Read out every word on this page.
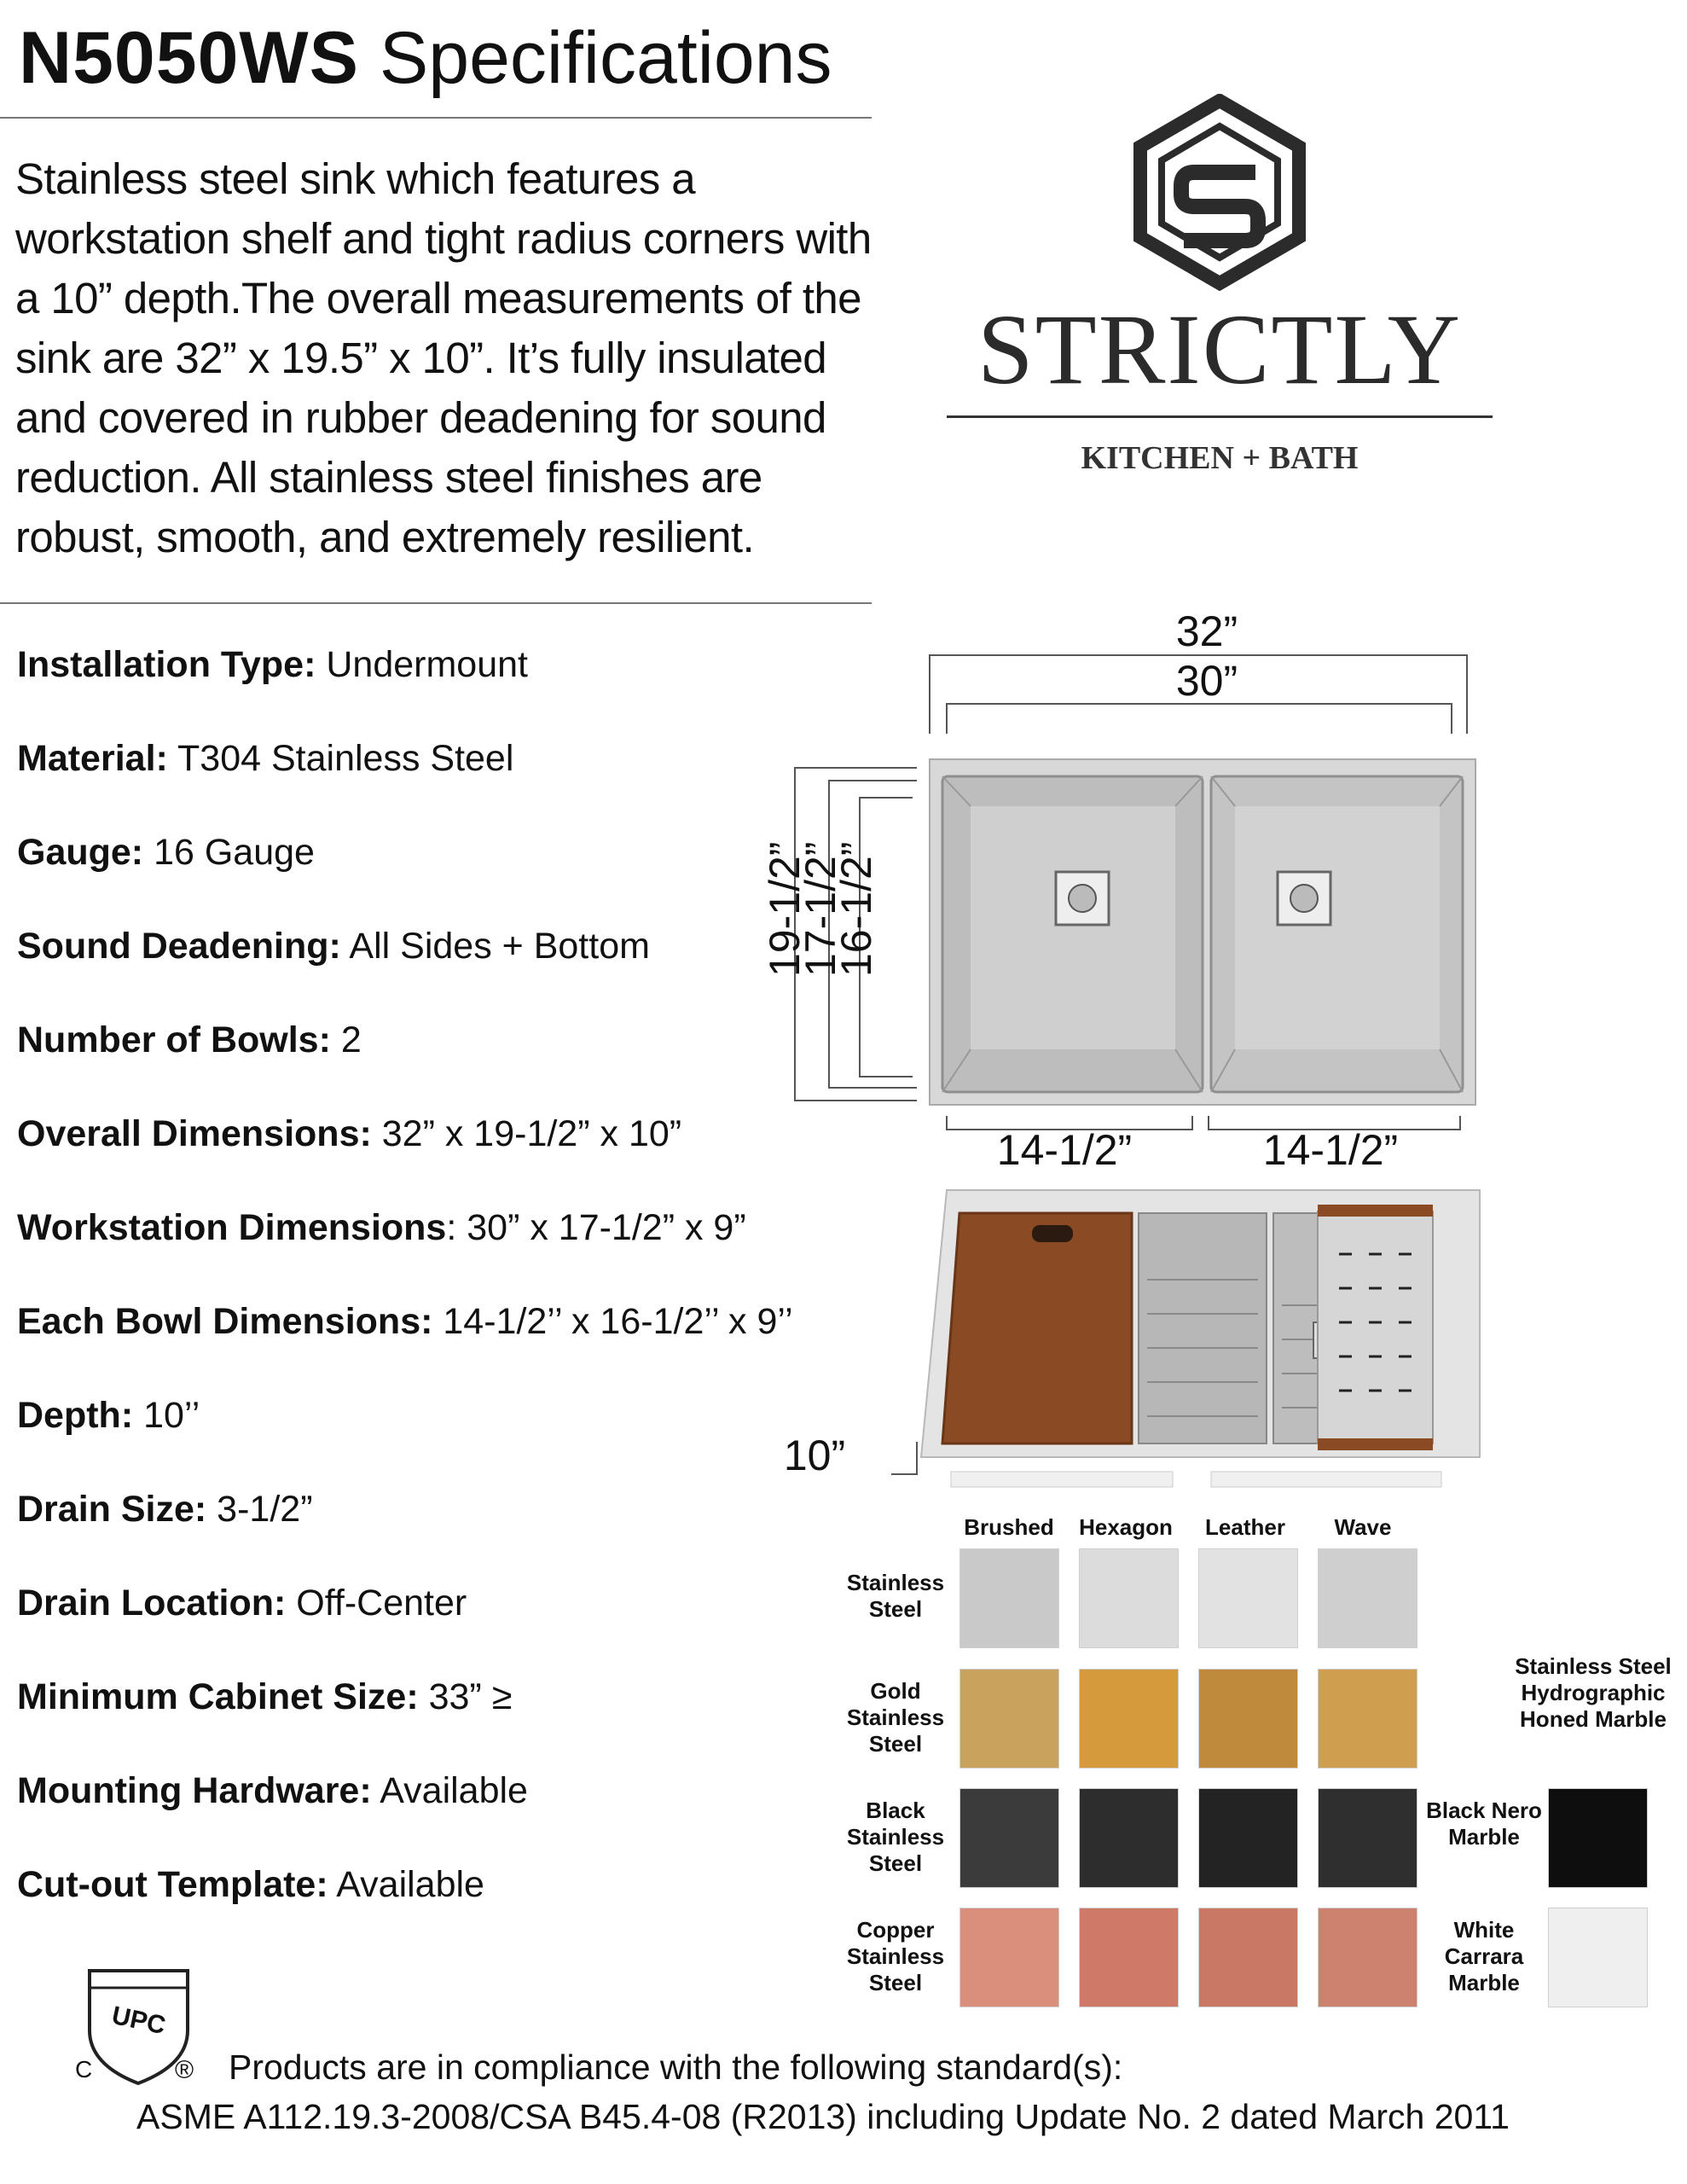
N5050WS Specifications
Stainless steel sink which features a workstation shelf and tight radius corners with a 10” depth.The overall measurements of the sink are 32” x 19.5” x 10”. It’s fully insulated and covered in rubber deadening for sound reduction. All stainless steel finishes are robust, smooth, and extremely resilient.
STRICTLY
KITCHEN + BATH
Installation Type: Undermount
Material: T304 Stainless Steel
Gauge: 16 Gauge
Sound Deadening: All Sides + Bottom
Number of Bowls: 2
Overall Dimensions: 32” x 19-1/2” x 10”
Workstation Dimensions: 30” x 17-1/2” x 9”
Each Bowl Dimensions: 14-1/2’’ x 16-1/2’’ x 9’’
Depth: 10’’
Drain Size: 3-1/2”
Drain Location: Off-Center
Minimum Cabinet Size: 33” ≥
Mounting Hardware: Available
Cut-out Template: Available
32”
30”
19-1/2”
17-1/2”
16-1/2”
14-1/2”	14-1/2”
10”
Brushed	Hexagon	Leather	Wave
Stainless Steel
Gold Stainless Steel
Black Stainless Steel
Copper Stainless Steel
Stainless Steel Hydrographic Honed Marble
Black Nero Marble
White Carrara Marble
UPC
C	® Products are in compliance with the following standard(s):
ASME A112.19.3-2008/CSA B45.4-08 (R2013) including Update No. 2 dated March 2011
